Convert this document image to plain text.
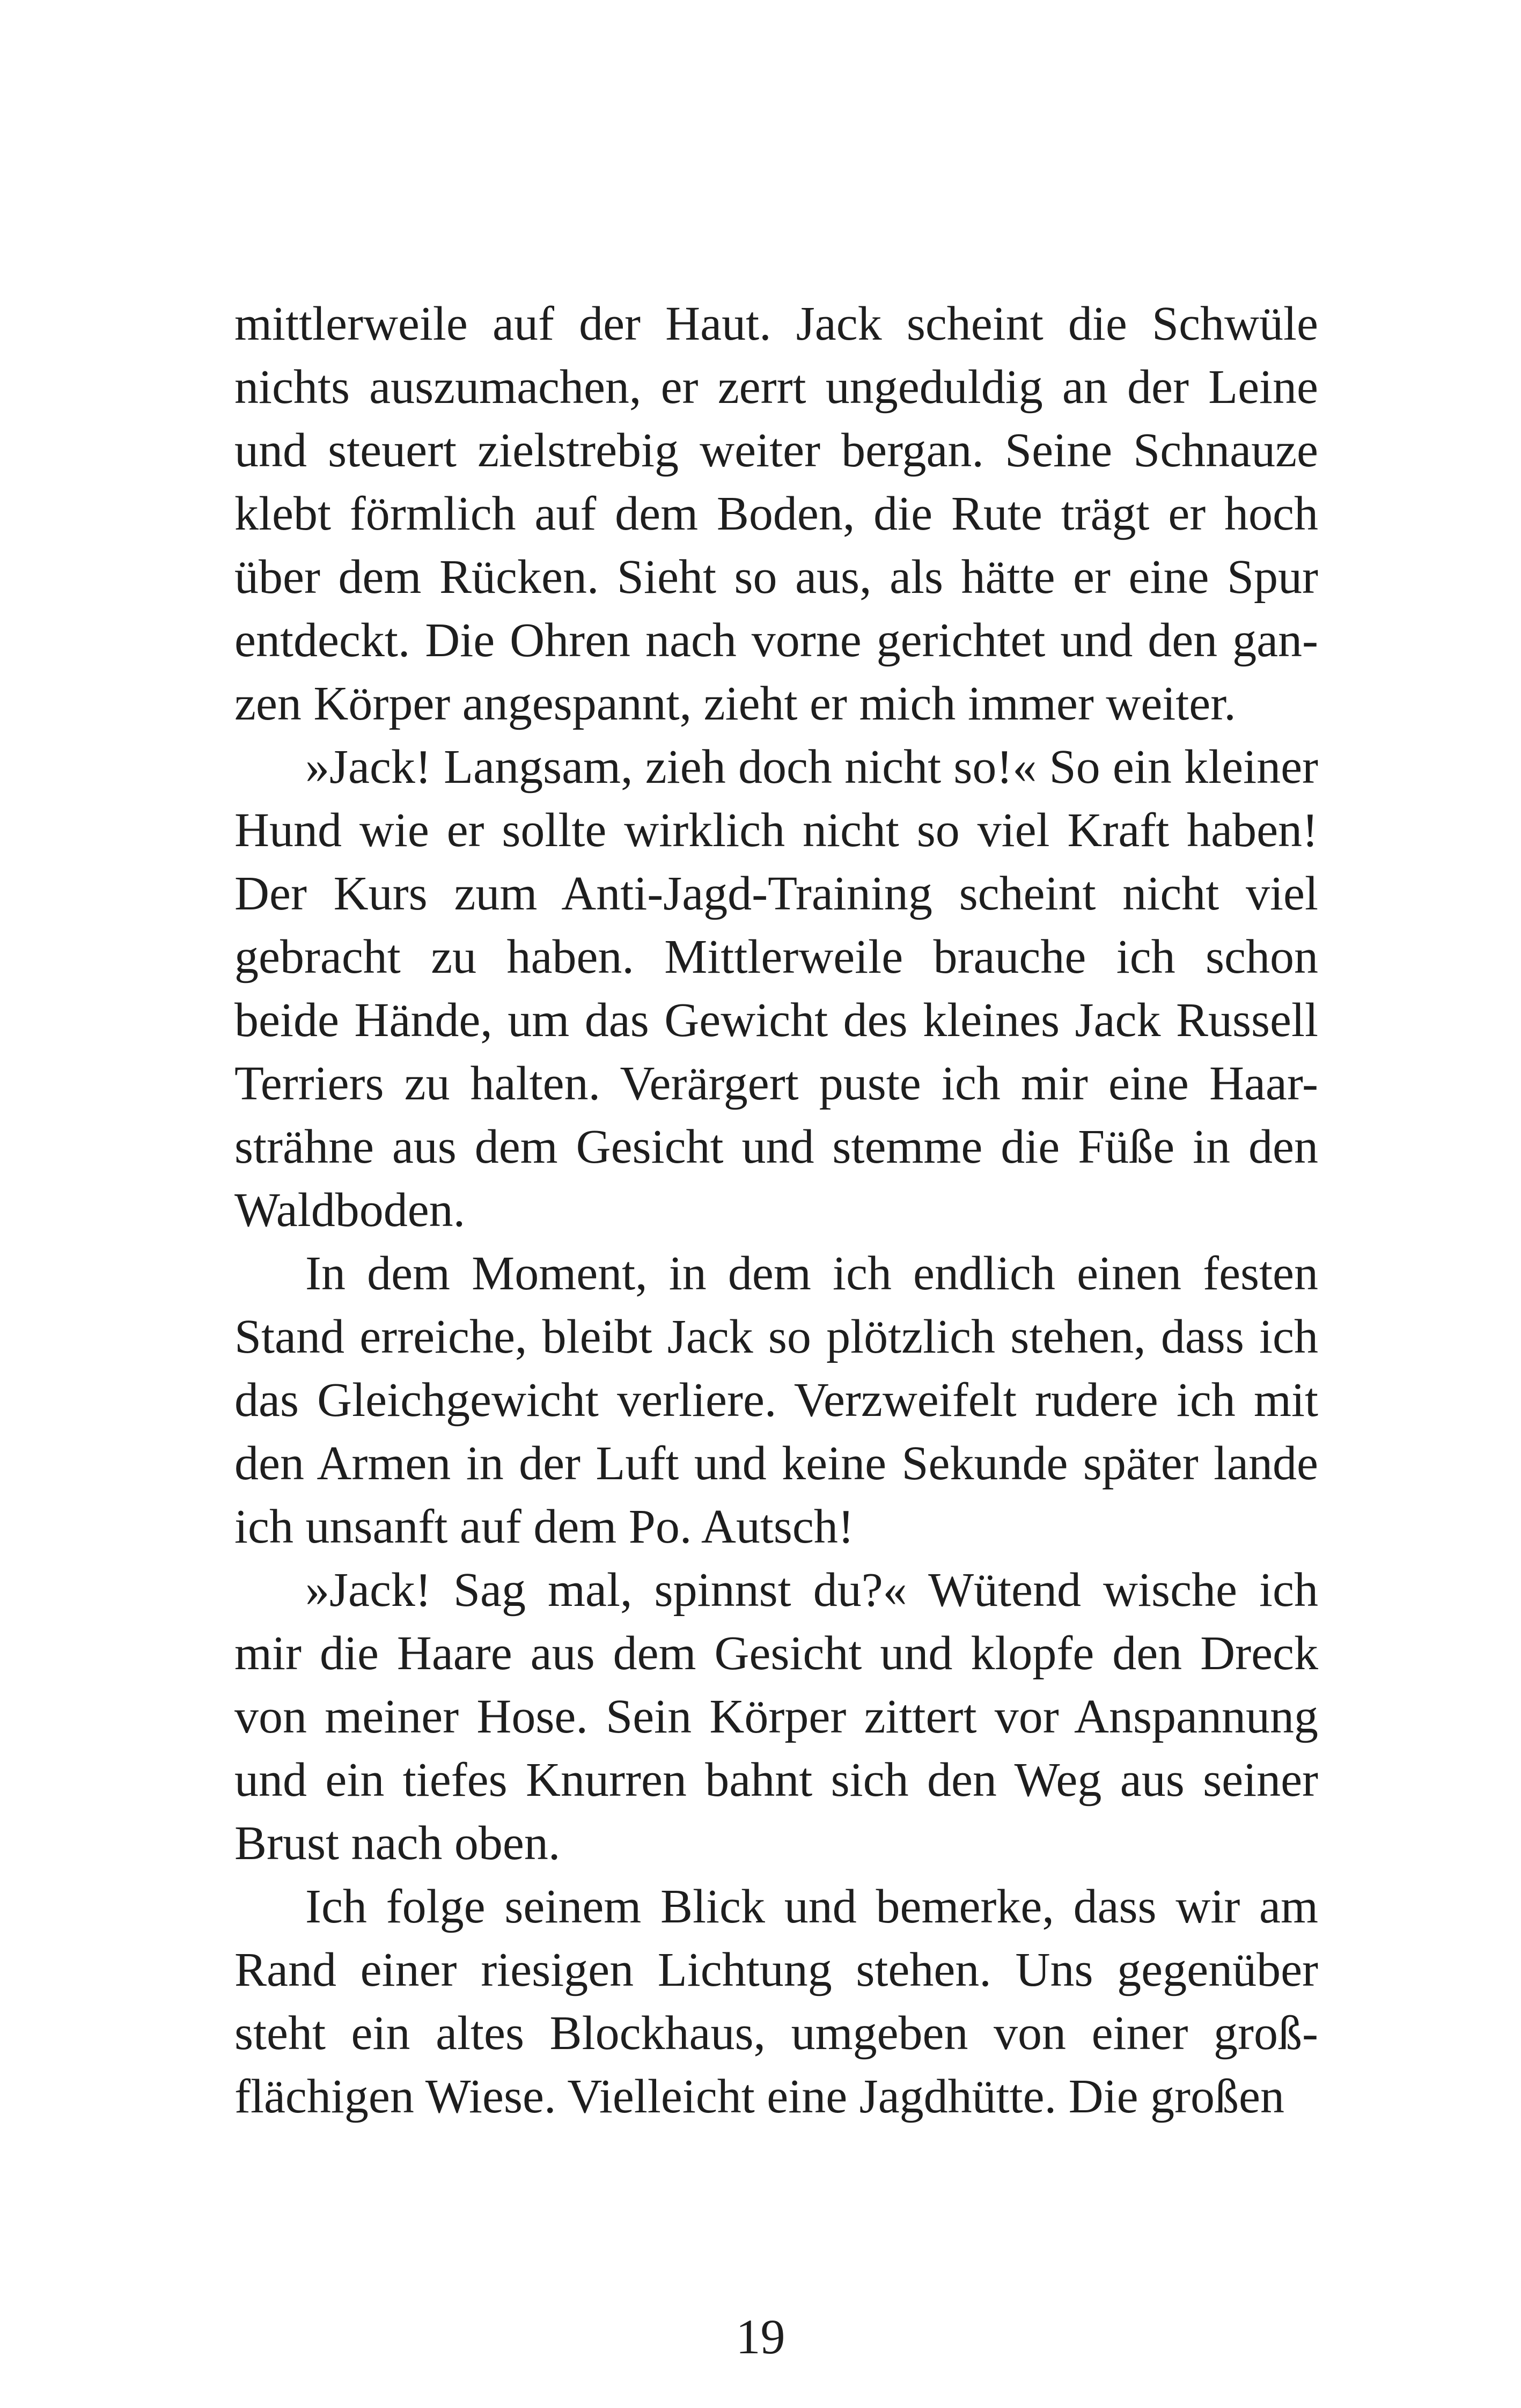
mittlerweile auf der Haut. Jack scheint die Schwüle
nichts auszumachen, er zerrt ungeduldig an der Leine
und steuert zielstrebig weiter bergan. Seine Schnauze
klebt förmlich auf dem Boden, die Rute trägt er hoch
über dem Rücken. Sieht so aus, als hätte er eine Spur
entdeckt. Die Ohren nach vorne gerichtet und den gan-
zen Körper angespannt, zieht er mich immer weiter.
»Jack! Langsam, zieh doch nicht so!« So ein kleiner
Hund wie er sollte wirklich nicht so viel Kraft haben!
Der Kurs zum Anti-Jagd-Training scheint nicht viel
gebracht zu haben. Mittlerweile brauche ich schon
beide Hände, um das Gewicht des kleines Jack Russell
Terriers zu halten. Verärgert puste ich mir eine Haar-
strähne aus dem Gesicht und stemme die Füße in den
Waldboden.
In dem Moment, in dem ich endlich einen festen
Stand erreiche, bleibt Jack so plötzlich stehen, dass ich
das Gleichgewicht verliere. Verzweifelt rudere ich mit
den Armen in der Luft und keine Sekunde später lande
ich unsanft auf dem Po. Autsch!
»Jack! Sag mal, spinnst du?« Wütend wische ich
mir die Haare aus dem Gesicht und klopfe den Dreck
von meiner Hose. Sein Körper zittert vor Anspannung
und ein tiefes Knurren bahnt sich den Weg aus seiner
Brust nach oben.
Ich folge seinem Blick und bemerke, dass wir am
Rand einer riesigen Lichtung stehen. Uns gegenüber
steht ein altes Blockhaus, umgeben von einer groß-
flächigen Wiese. Vielleicht eine Jagdhütte. Die großen
19
